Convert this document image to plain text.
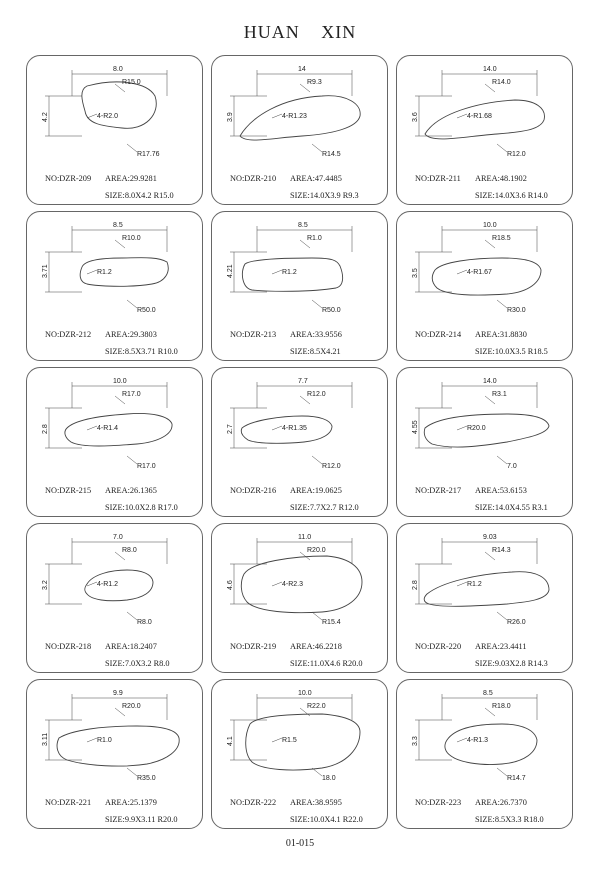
HUAN XIN
8.0
4.2
R15.0
4-R2.0
R17.76
NO:DZR-209 AREA:29.9281
SIZE:8.0X4.2 R15.0
14
3.9
R9.3
4-R1.23
R14.5
NO:DZR-210 AREA:47.4485
SIZE:14.0X3.9 R9.3
14.0
3.6
R14.0
4-R1.68
R12.0
NO:DZR-211 AREA:48.1902
SIZE:14.0X3.6 R14.0
8.5
3.71
R10.0
R1.2
R50.0
NO:DZR-212 AREA:29.3803
SIZE:8.5X3.71 R10.0
8.5
4.21
R1.0
R1.2
R50.0
NO:DZR-213 AREA:33.9556
SIZE:8.5X4.21
10.0
3.5
R18.5
4-R1.67
R30.0
NO:DZR-214 AREA:31.8830
SIZE:10.0X3.5 R18.5
10.0
2.8
R17.0
4-R1.4
R17.0
NO:DZR-215 AREA:26.1365
SIZE:10.0X2.8 R17.0
7.7
2.7
R12.0
4-R1.35
R12.0
NO:DZR-216 AREA:19.0625
SIZE:7.7X2.7 R12.0
14.0
4.55
R3.1
R20.0
7.0
NO:DZR-217 AREA:53.6153
SIZE:14.0X4.55 R3.1
7.0
3.2
R8.0
4-R1.2
R8.0
NO:DZR-218 AREA:18.2407
SIZE:7.0X3.2 R8.0
11.0
4.6
R20.0
4-R2.3
R15.4
NO:DZR-219 AREA:46.2218
SIZE:11.0X4.6 R20.0
9.03
2.8
R14.3
R1.2
R26.0
NO:DZR-220 AREA:23.4411
SIZE:9.03X2.8 R14.3
9.9
3.11
R20.0
R1.0
R35.0
NO:DZR-221 AREA:25.1379
SIZE:9.9X3.11 R20.0
10.0
4.1
R22.0
R1.5
18.0
NO:DZR-222 AREA:38.9595
SIZE:10.0X4.1 R22.0
8.5
3.3
R18.0
4-R1.3
R14.7
NO:DZR-223 AREA:26.7370
SIZE:8.5X3.3 R18.0
01-015
